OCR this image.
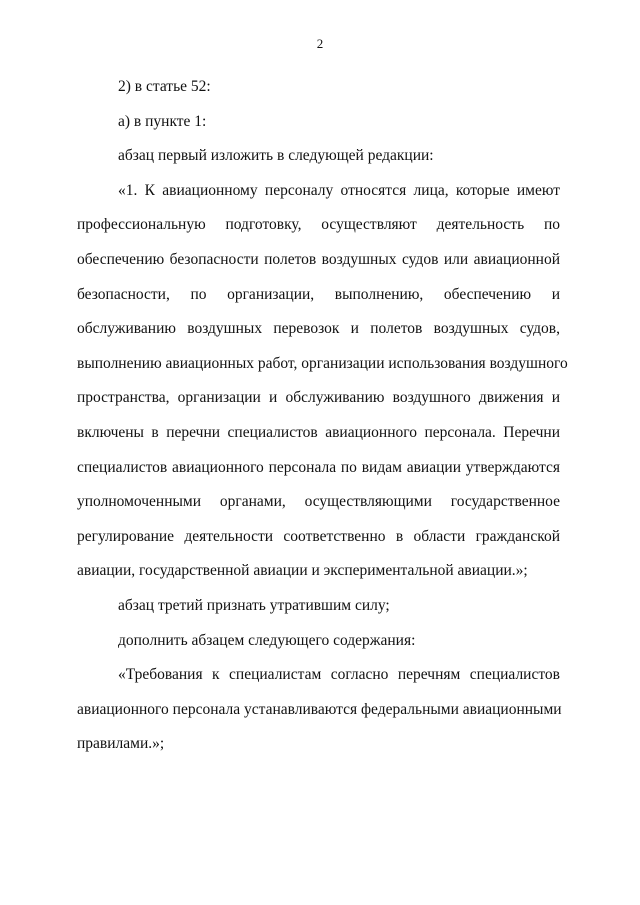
2
2) в статье 52:
а) в пункте 1:
абзац первый изложить в следующей редакции:
«1. К авиационному персоналу относятся лица, которые имеют
профессиональную подготовку, осуществляют деятельность по
обеспечению безопасности полетов воздушных судов или авиационной
безопасности, по организации, выполнению, обеспечению и
обслуживанию воздушных перевозок и полетов воздушных судов,
выполнению авиационных работ, организации использования воздушного
пространства, организации и обслуживанию воздушного движения и
включены в перечни специалистов авиационного персонала. Перечни
специалистов авиационного персонала по видам авиации утверждаются
уполномоченными органами, осуществляющими государственное
регулирование деятельности соответственно в области гражданской
авиации, государственной авиации и экспериментальной авиации.»;
абзац третий признать утратившим силу;
дополнить абзацем следующего содержания:
«Требования к специалистам согласно перечням специалистов
авиационного персонала устанавливаются федеральными авиационными
правилами.»;
